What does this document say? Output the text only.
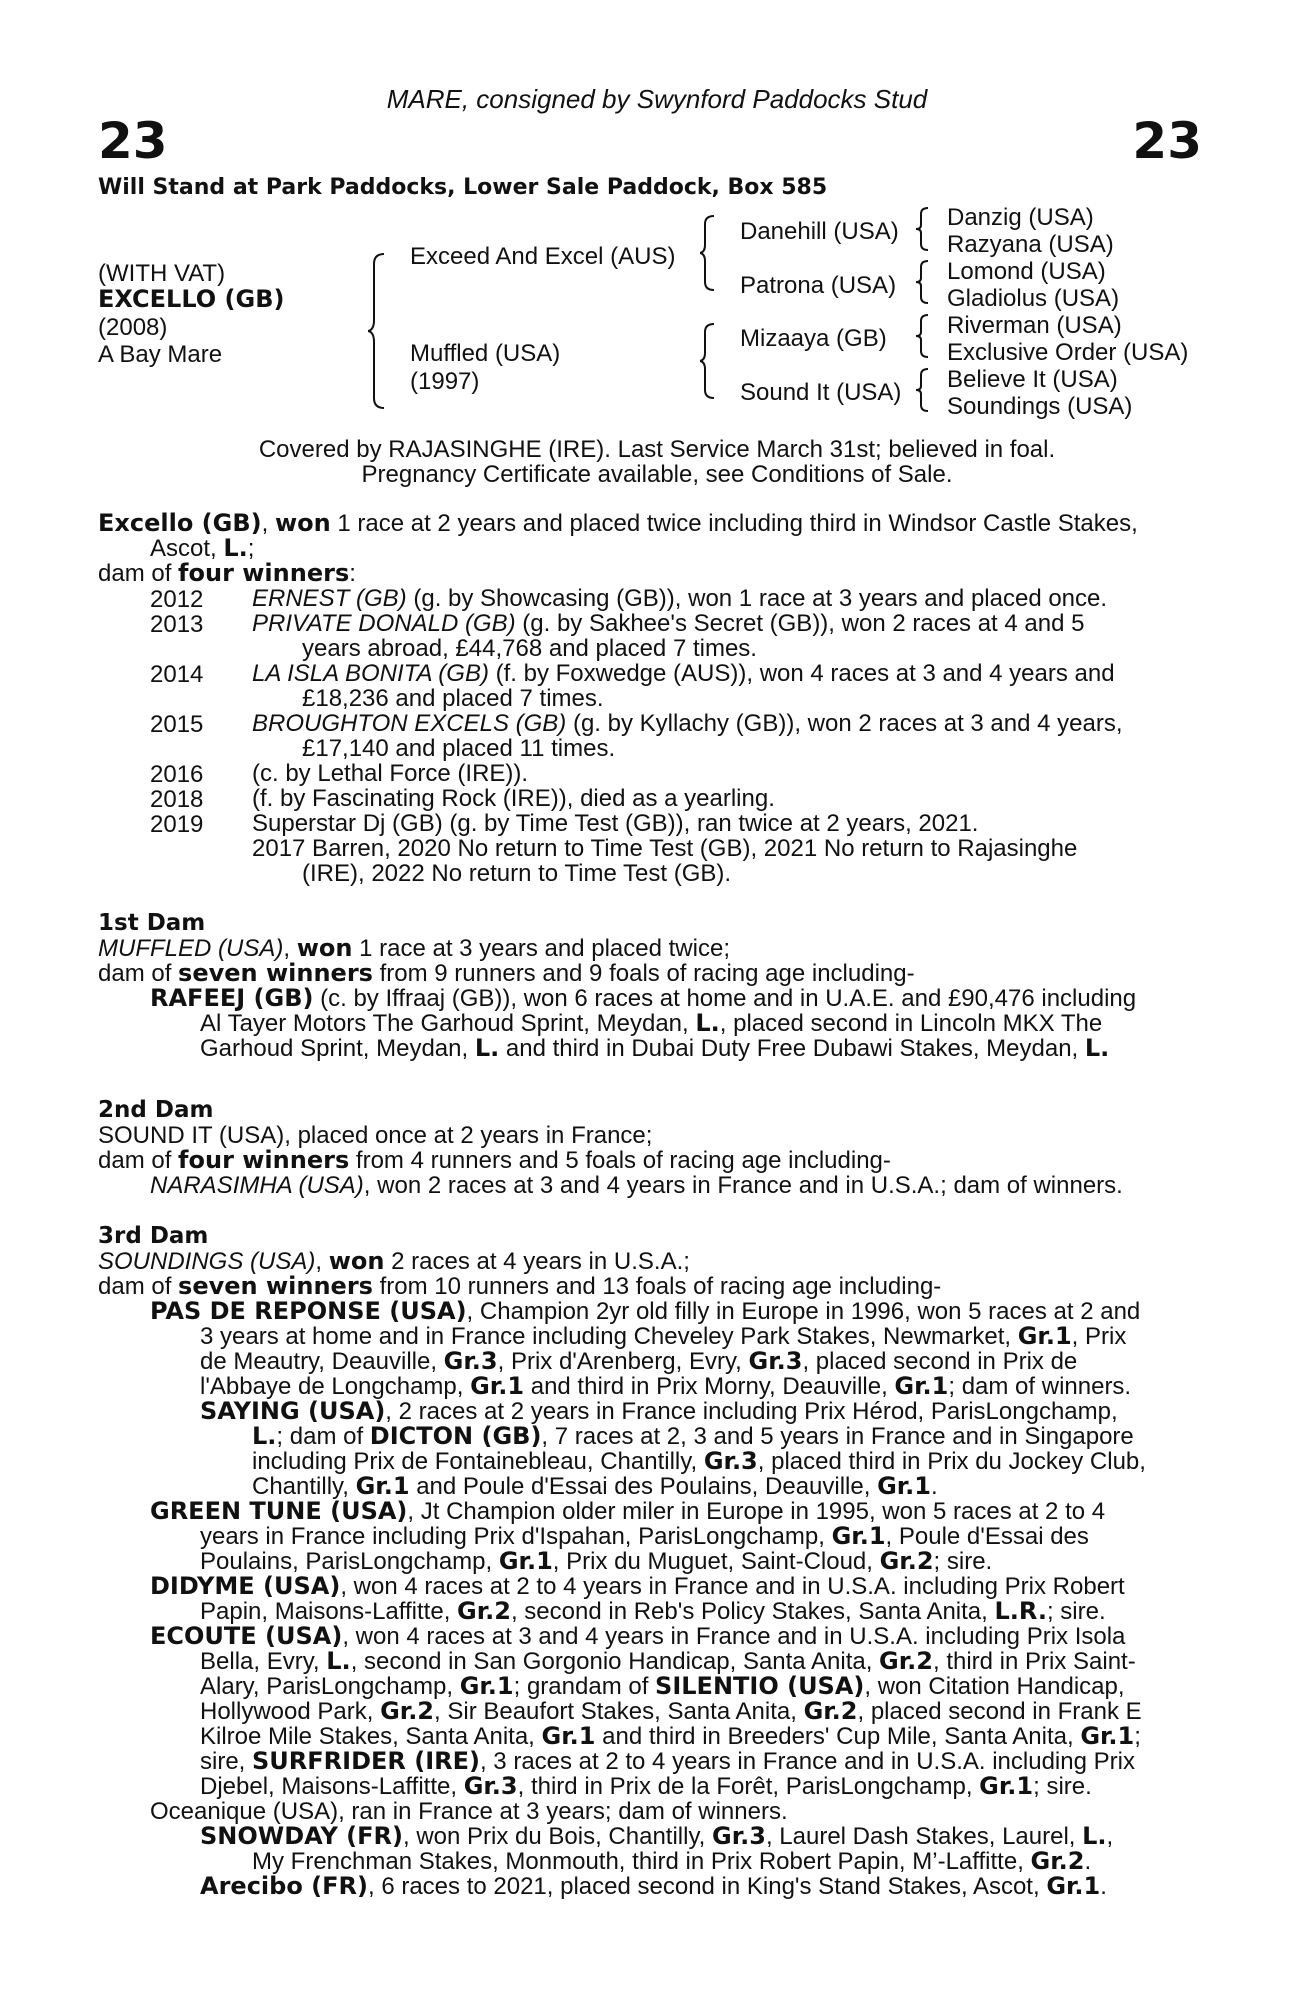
MARE, consigned by Swynford Paddocks Stud
23	23
Will Stand at Park Paddocks, Lower Sale Paddock, Box 585
(WITH VAT)
EXCELLO (GB)
(2008)
A Bay Mare
Exceed And Excel (AUS)
Muffled (USA)
(1997)
Danehill (USA)
Patrona (USA)
Mizaaya (GB)
Sound It (USA)
Danzig (USA)
Razyana (USA)
Lomond (USA)
Gladiolus (USA)
Riverman (USA)
Exclusive Order (USA)
Believe It (USA)
Soundings (USA)
Covered by RAJASINGHE (IRE). Last Service March 31st; believed in foal.
Pregnancy Certificate available, see Conditions of Sale.
Excello (GB), won 1 race at 2 years and placed twice including third in Windsor Castle Stakes,
Ascot, L.;
dam of four winners:
2012 ERNEST (GB) (g. by Showcasing (GB)), won 1 race at 3 years and placed once.
2013 PRIVATE DONALD (GB) (g. by Sakhee's Secret (GB)), won 2 races at 4 and 5
years abroad, £44,768 and placed 7 times.
2014 LA ISLA BONITA (GB) (f. by Foxwedge (AUS)), won 4 races at 3 and 4 years and
£18,236 and placed 7 times.
2015 BROUGHTON EXCELS (GB) (g. by Kyllachy (GB)), won 2 races at 3 and 4 years,
£17,140 and placed 11 times.
2016 (c. by Lethal Force (IRE)).
2018 (f. by Fascinating Rock (IRE)), died as a yearling.
2019 Superstar Dj (GB) (g. by Time Test (GB)), ran twice at 2 years, 2021.
2017 Barren, 2020 No return to Time Test (GB), 2021 No return to Rajasinghe
(IRE), 2022 No return to Time Test (GB).
1st Dam
MUFFLED (USA), won 1 race at 3 years and placed twice;
dam of seven winners from 9 runners and 9 foals of racing age including-
RAFEEJ (GB) (c. by Iffraaj (GB)), won 6 races at home and in U.A.E. and £90,476 including
Al Tayer Motors The Garhoud Sprint, Meydan, L., placed second in Lincoln MKX The
Garhoud Sprint, Meydan, L. and third in Dubai Duty Free Dubawi Stakes, Meydan, L.
2nd Dam
SOUND IT (USA), placed once at 2 years in France;
dam of four winners from 4 runners and 5 foals of racing age including-
NARASIMHA (USA), won 2 races at 3 and 4 years in France and in U.S.A.; dam of winners.
3rd Dam
SOUNDINGS (USA), won 2 races at 4 years in U.S.A.;
dam of seven winners from 10 runners and 13 foals of racing age including-
PAS DE REPONSE (USA), Champion 2yr old filly in Europe in 1996, won 5 races at 2 and
3 years at home and in France including Cheveley Park Stakes, Newmarket, Gr.1, Prix
de Meautry, Deauville, Gr.3, Prix d'Arenberg, Evry, Gr.3, placed second in Prix de
l'Abbaye de Longchamp, Gr.1 and third in Prix Morny, Deauville, Gr.1; dam of winners.
SAYING (USA), 2 races at 2 years in France including Prix Hérod, ParisLongchamp,
L.; dam of DICTON (GB), 7 races at 2, 3 and 5 years in France and in Singapore
including Prix de Fontainebleau, Chantilly, Gr.3, placed third in Prix du Jockey Club,
Chantilly, Gr.1 and Poule d'Essai des Poulains, Deauville, Gr.1.
GREEN TUNE (USA), Jt Champion older miler in Europe in 1995, won 5 races at 2 to 4
years in France including Prix d'Ispahan, ParisLongchamp, Gr.1, Poule d'Essai des
Poulains, ParisLongchamp, Gr.1, Prix du Muguet, Saint-Cloud, Gr.2; sire.
DIDYME (USA), won 4 races at 2 to 4 years in France and in U.S.A. including Prix Robert
Papin, Maisons-Laffitte, Gr.2, second in Reb's Policy Stakes, Santa Anita, L.R.; sire.
ECOUTE (USA), won 4 races at 3 and 4 years in France and in U.S.A. including Prix Isola
Bella, Evry, L., second in San Gorgonio Handicap, Santa Anita, Gr.2, third in Prix Saint-
Alary, ParisLongchamp, Gr.1; grandam of SILENTIO (USA), won Citation Handicap,
Hollywood Park, Gr.2, Sir Beaufort Stakes, Santa Anita, Gr.2, placed second in Frank E
Kilroe Mile Stakes, Santa Anita, Gr.1 and third in Breeders' Cup Mile, Santa Anita, Gr.1;
sire, SURFRIDER (IRE), 3 races at 2 to 4 years in France and in U.S.A. including Prix
Djebel, Maisons-Laffitte, Gr.3, third in Prix de la Forêt, ParisLongchamp, Gr.1; sire.
Oceanique (USA), ran in France at 3 years; dam of winners.
SNOWDAY (FR), won Prix du Bois, Chantilly, Gr.3, Laurel Dash Stakes, Laurel, L.,
My Frenchman Stakes, Monmouth, third in Prix Robert Papin, M’-Laffitte, Gr.2.
Arecibo (FR), 6 races to 2021, placed second in King's Stand Stakes, Ascot, Gr.1.
